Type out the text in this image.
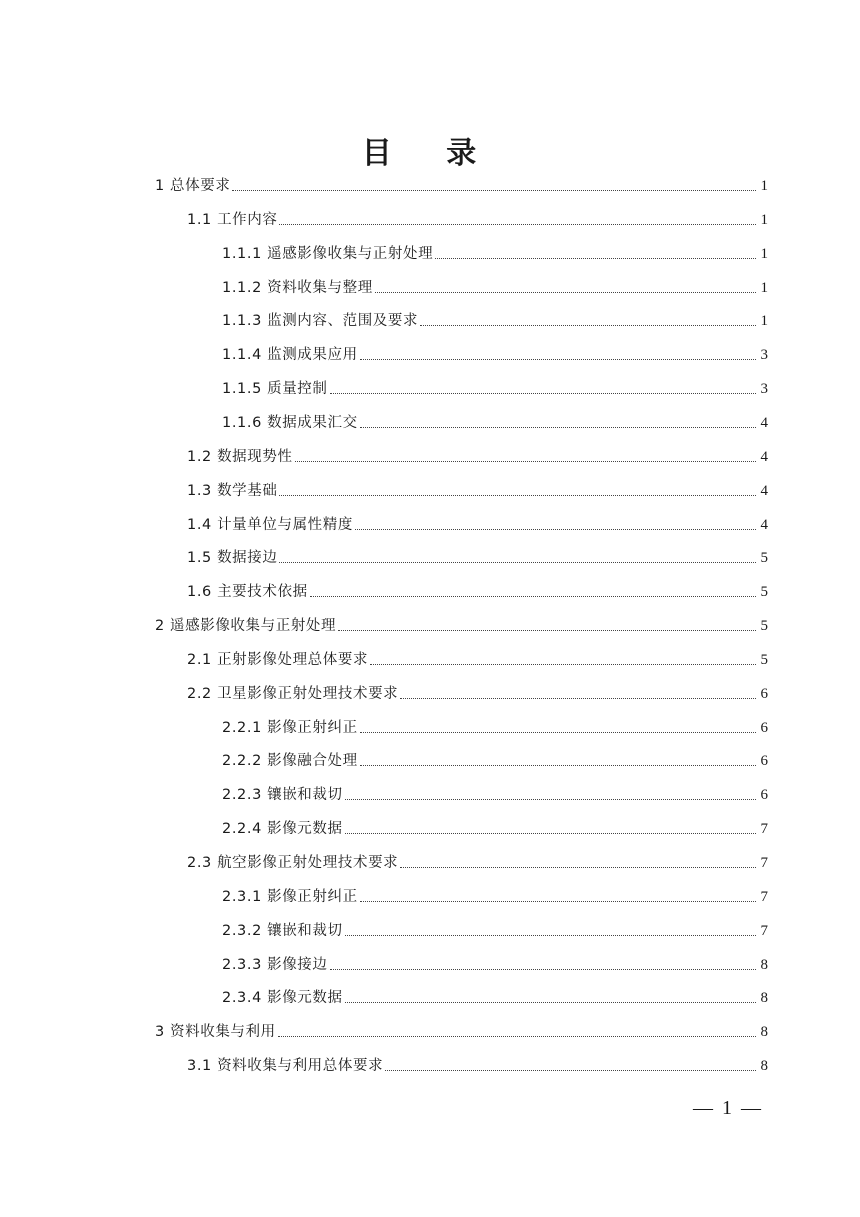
目 录
1 总体要求	1
1.1 工作内容	1
1.1.1 遥感影像收集与正射处理	1
1.1.2 资料收集与整理	1
1.1.3 监测内容、范围及要求	1
1.1.4 监测成果应用	3
1.1.5 质量控制	3
1.1.6 数据成果汇交	4
1.2 数据现势性	4
1.3 数学基础	4
1.4 计量单位与属性精度	4
1.5 数据接边	5
1.6 主要技术依据	5
2 遥感影像收集与正射处理	5
2.1 正射影像处理总体要求	5
2.2 卫星影像正射处理技术要求	6
2.2.1 影像正射纠正	6
2.2.2 影像融合处理	6
2.2.3 镶嵌和裁切	6
2.2.4 影像元数据	7
2.3 航空影像正射处理技术要求	7
2.3.1 影像正射纠正	7
2.3.2 镶嵌和裁切	7
2.3.3 影像接边	8
2.3.4 影像元数据	8
3 资料收集与利用	8
3.1 资料收集与利用总体要求	8
— 1 —
